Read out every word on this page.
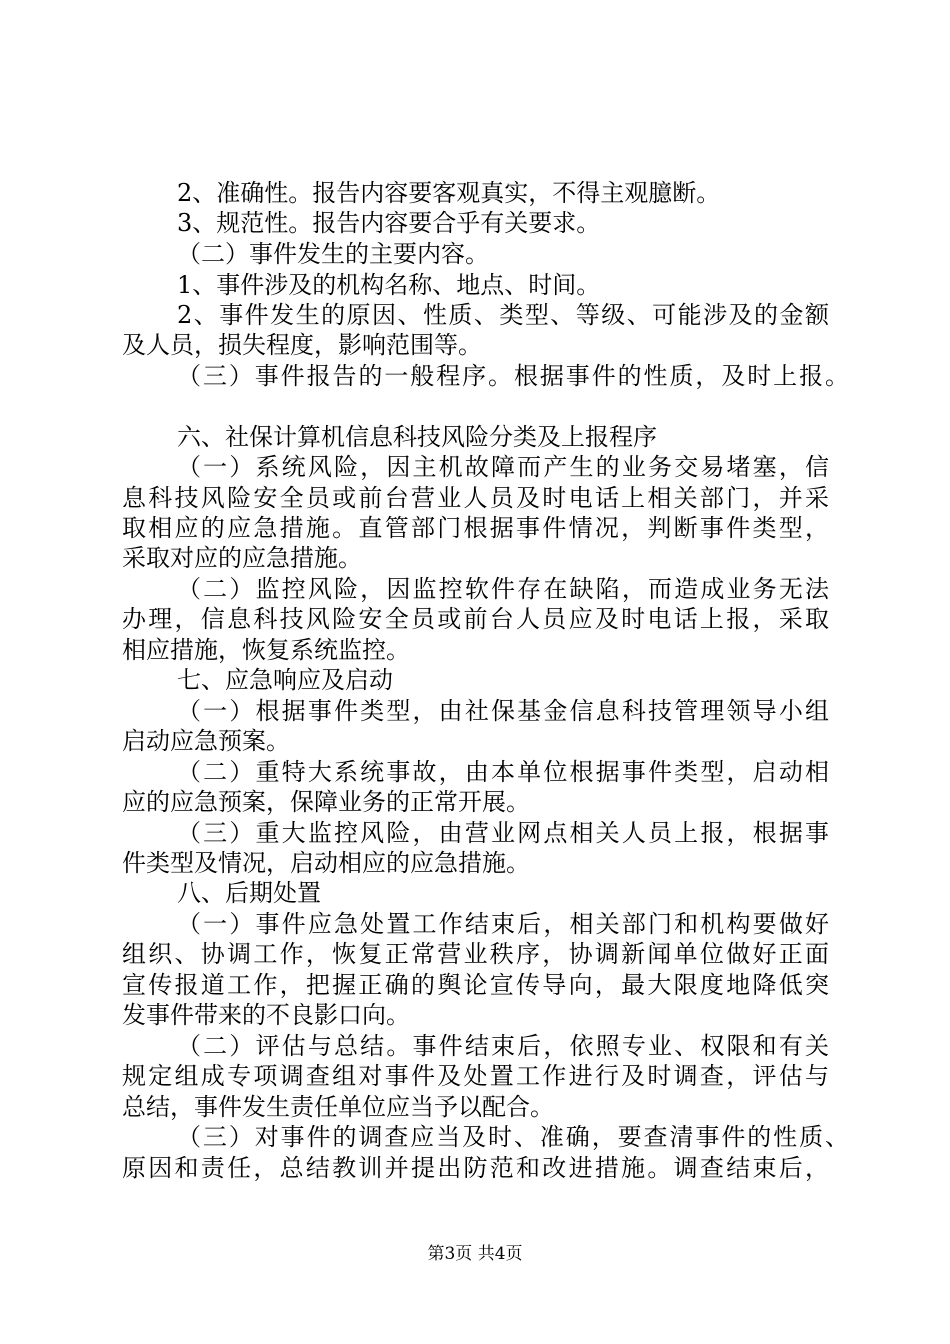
2、准确性。报告内容要客观真实，不得主观臆断。
3、规范性。报告内容要合乎有关要求。
（二）事件发生的主要内容。
1、事件涉及的机构名称、地点、时间。
2、事件发生的原因、性质、类型、等级、可能涉及的金额
及人员，损失程度，影响范围等。
（三）事件报告的一般程序。根据事件的性质，及时上报。
六、社保计算机信息科技风险分类及上报程序
（一）系统风险，因主机故障而产生的业务交易堵塞，信
息科技风险安全员或前台营业人员及时电话上相关部门，并采
取相应的应急措施。直管部门根据事件情况，判断事件类型，
采取对应的应急措施。
（二）监控风险，因监控软件存在缺陷，而造成业务无法
办理，信息科技风险安全员或前台人员应及时电话上报，采取
相应措施，恢复系统监控。
七、应急响应及启动
（一）根据事件类型，由社保基金信息科技管理领导小组
启动应急预案。
（二）重特大系统事故，由本单位根据事件类型，启动相
应的应急预案，保障业务的正常开展。
（三）重大监控风险，由营业网点相关人员上报，根据事
件类型及情况，启动相应的应急措施。
八、后期处置
（一）事件应急处置工作结束后，相关部门和机构要做好
组织、协调工作，恢复正常营业秩序，协调新闻单位做好正面
宣传报道工作，把握正确的舆论宣传导向，最大限度地降低突
发事件带来的不良影口向。
（二）评估与总结。事件结束后，依照专业、权限和有关
规定组成专项调查组对事件及处置工作进行及时调查，评估与
总结，事件发生责任单位应当予以配合。
（三）对事件的调查应当及时、准确，要查清事件的性质、
原因和责任，总结教训并提出防范和改进措施。调查结束后，
第3页 共4页
